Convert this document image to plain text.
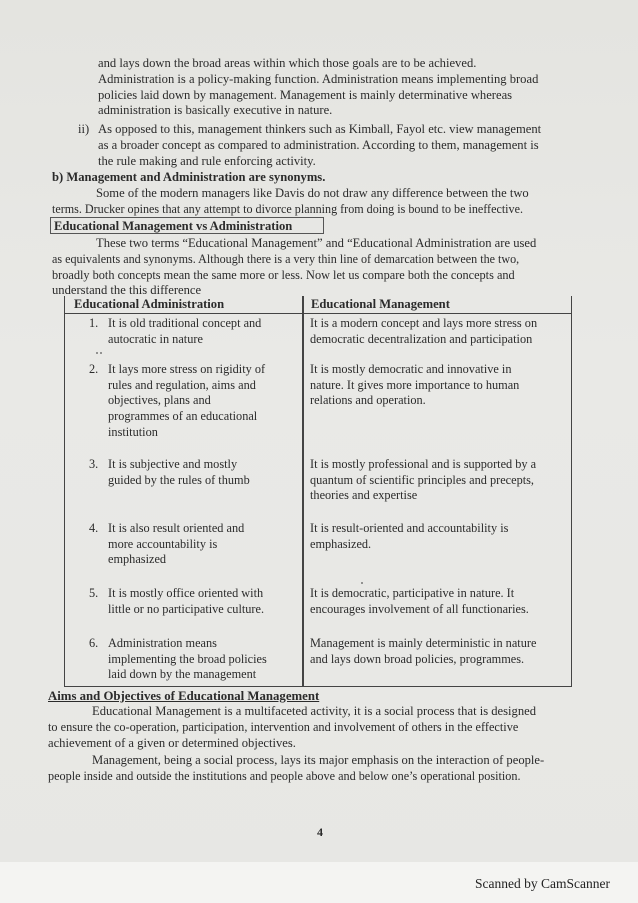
and lays down the broad areas within which those goals are to be achieved.
Administration is a policy-making function. Administration means implementing broad
policies laid down by management. Management is mainly determinative whereas
administration is basically executive in nature.
ii) As opposed to this, management thinkers such as Kimball, Fayol etc. view management
as a broader concept as compared to administration. According to them, management is
the rule making and rule enforcing activity.
b) Management and Administration are synonyms.
Some of the modern managers like Davis do not draw any difference between the two
terms. Drucker opines that any attempt to divorce planning from doing is bound to be ineffective.
Educational Management vs Administration
These two terms “Educational Management” and “Educational Administration are used
as equivalents and synonyms. Although there is a very thin line of demarcation between the two,
broadly both concepts mean the same more or less. Now let us compare both the concepts and
understand the this difference
Educational Administration	Educational Management
1. It is old traditional concept and
autocratic in nature
It is a modern concept and lays more stress on
democratic decentralization and participation
2. It lays more stress on rigidity of
rules and regulation, aims and
objectives, plans and
programmes of an educational
institution
It is mostly democratic and innovative in
nature. It gives more importance to human
relations and operation.
3. It is subjective and mostly
guided by the rules of thumb
It is mostly professional and is supported by a
quantum of scientific principles and precepts,
theories and expertise
4. It is also result oriented and
more accountability is
emphasized
It is result-oriented and accountability is
emphasized.
5. It is mostly office oriented with
little or no participative culture.
It is democratic, participative in nature. It
encourages involvement of all functionaries.
6. Administration means
implementing the broad policies
laid down by the management
Management is mainly deterministic in nature
and lays down broad policies, programmes.
Aims and Objectives of Educational Management
Educational Management is a multifaceted activity, it is a social process that is designed
to ensure the co-operation, participation, intervention and involvement of others in the effective
achievement of a given or determined objectives.
Management, being a social process, lays its major emphasis on the interaction of people-
people inside and outside the institutions and people above and below one’s operational position.
4
Scanned by CamScanner
